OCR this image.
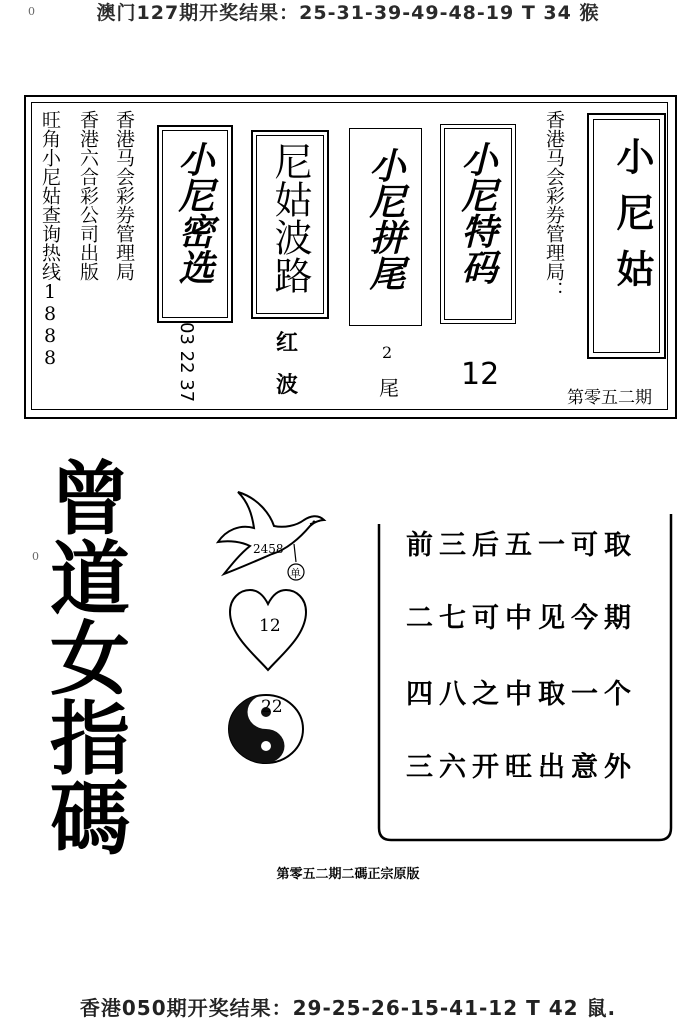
0	澳门127期开奖结果：25-31-39-49-48-19 T 34 猴
旺角小尼姑查询热线1888 香港六合彩公司出版 香港马会彩券管理局 小尼密选
03 22 37
尼姑波路
红
波
小尼拼尾
2
尾
小尼特码
12
香港马会彩券管理局： 小尼姑
第零五二期
0
曾
道
女
指
碼
2458
单
12
22
前三后五一可取
二七可中见今期
四八之中取一个
三六开旺出意外
第零五二期二碼正宗原版
香港050期开奖结果：29-25-26-15-41-12 T 42 鼠.
